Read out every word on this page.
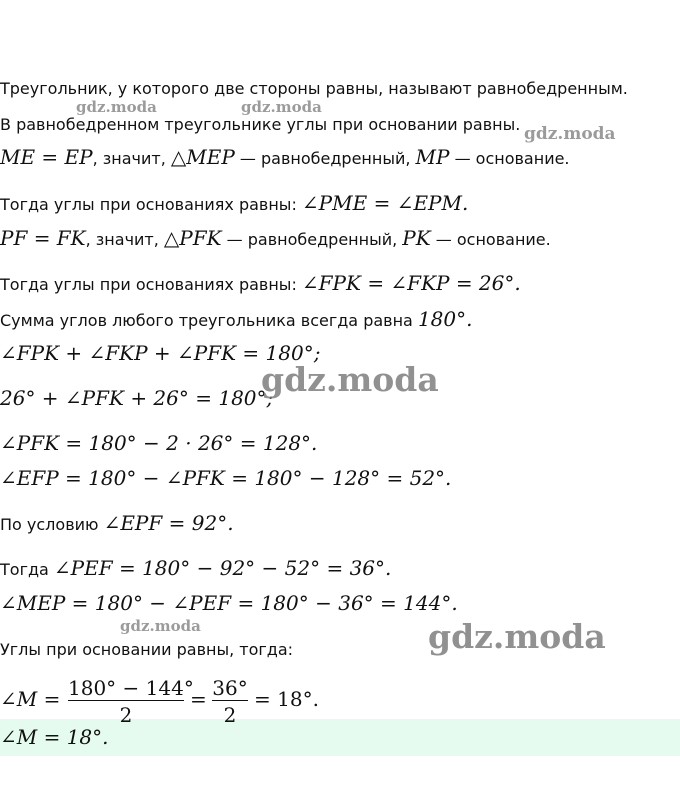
Треугольник, у которого две стороны равны, называют равнобедренным.
В равнобедренном треугольнике углы при основании равны.
ME = EP, значит, △MEP — равнобедренный, MP — основание.
Тогда углы при основаниях равны: ∠PME = ∠EPM.
PF = FK, значит, △PFK — равнобедренный, PK — основание.
Тогда углы при основаниях равны: ∠FPK = ∠FKP = 26°.
Сумма углов любого треугольника всегда равна 180°.
∠FPK + ∠FKP + ∠PFK = 180°;
26° + ∠PFK + 26° = 180°;
∠PFK = 180° − 2 · 26° = 128°.
∠EFP = 180° − ∠PFK = 180° − 128° = 52°.
По условию ∠EPF = 92°.
Тогда ∠PEF = 180° − 92° − 52° = 36°.
∠MEP = 180° − ∠PEF = 180° − 36° = 144°.
Углы при основании равны, тогда:
∠M = 180° − 144°
2
= 36°
2
= 18°.
∠M = 18°.
gdz.moda	gdz.moda
gdz.moda
gdz.moda
gdz.moda	gdz.moda
